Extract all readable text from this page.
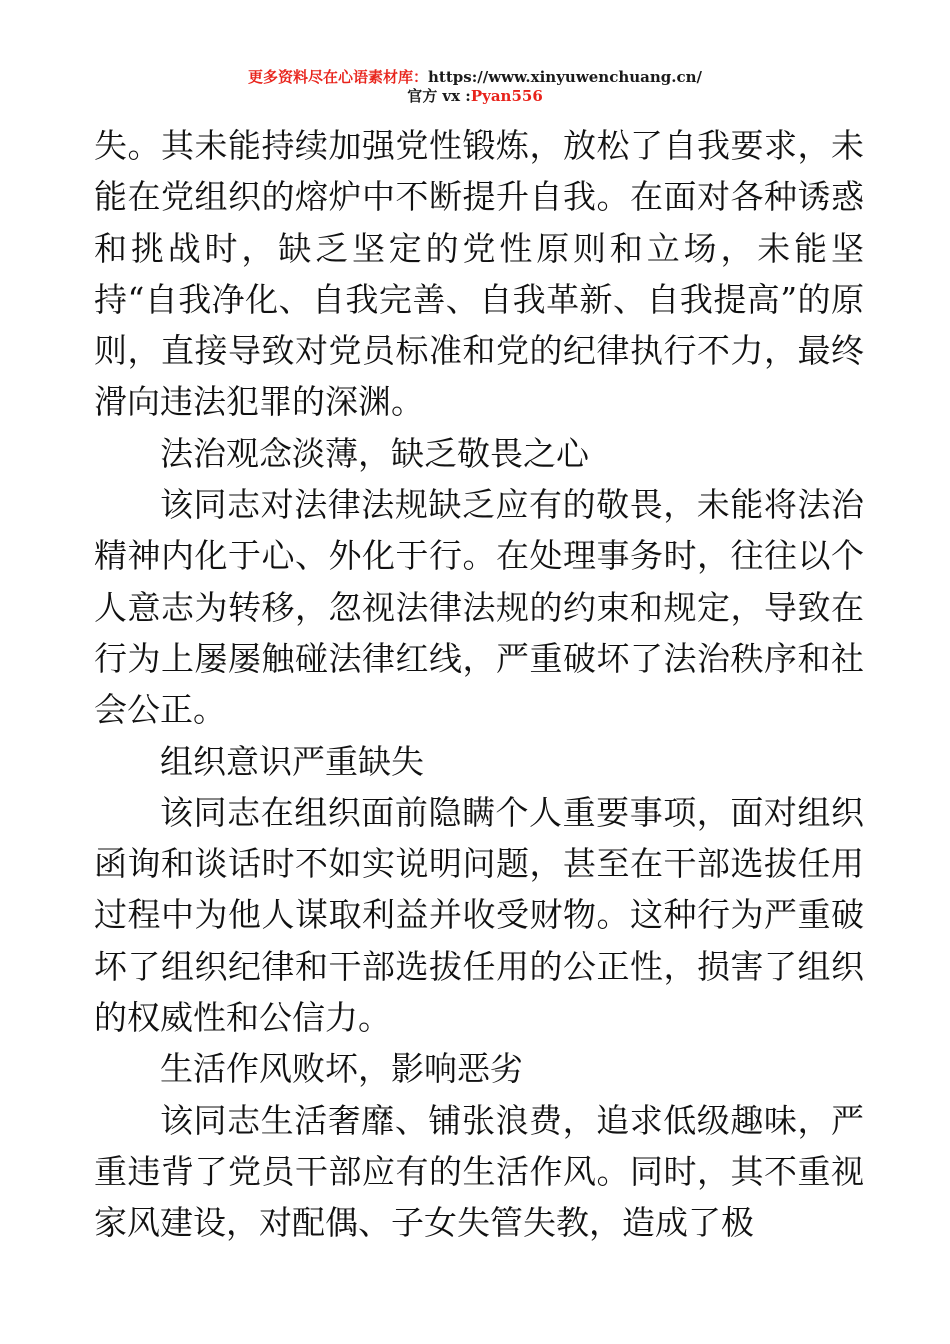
更多资料尽在心语素材库：https://www.xinyuwenchuang.cn/
官方 vx :Pyan556

失。其未能持续加强党性锻炼，放松了自我要求，未能在党组织的熔炉中不断提升自我。在面对各种诱惑和挑战时，缺乏坚定的党性原则和立场，未能坚持“自我净化、自我完善、自我革新、自我提高”的原则，直接导致对党员标准和党的纪律执行不力，最终滑向违法犯罪的深渊。

法治观念淡薄，缺乏敬畏之心

该同志对法律法规缺乏应有的敬畏，未能将法治精神内化于心、外化于行。在处理事务时，往往以个人意志为转移，忽视法律法规的约束和规定，导致在行为上屡屡触碰法律红线，严重破坏了法治秩序和社会公正。

组织意识严重缺失

该同志在组织面前隐瞒个人重要事项，面对组织函询和谈话时不如实说明问题，甚至在干部选拔任用过程中为他人谋取利益并收受财物。这种行为严重破坏了组织纪律和干部选拔任用的公正性，损害了组织的权威性和公信力。

生活作风败坏，影响恶劣

该同志生活奢靡、铺张浪费，追求低级趣味，严重违背了党员干部应有的生活作风。同时，其不重视家风建设，对配偶、子女失管失教，造成了极
